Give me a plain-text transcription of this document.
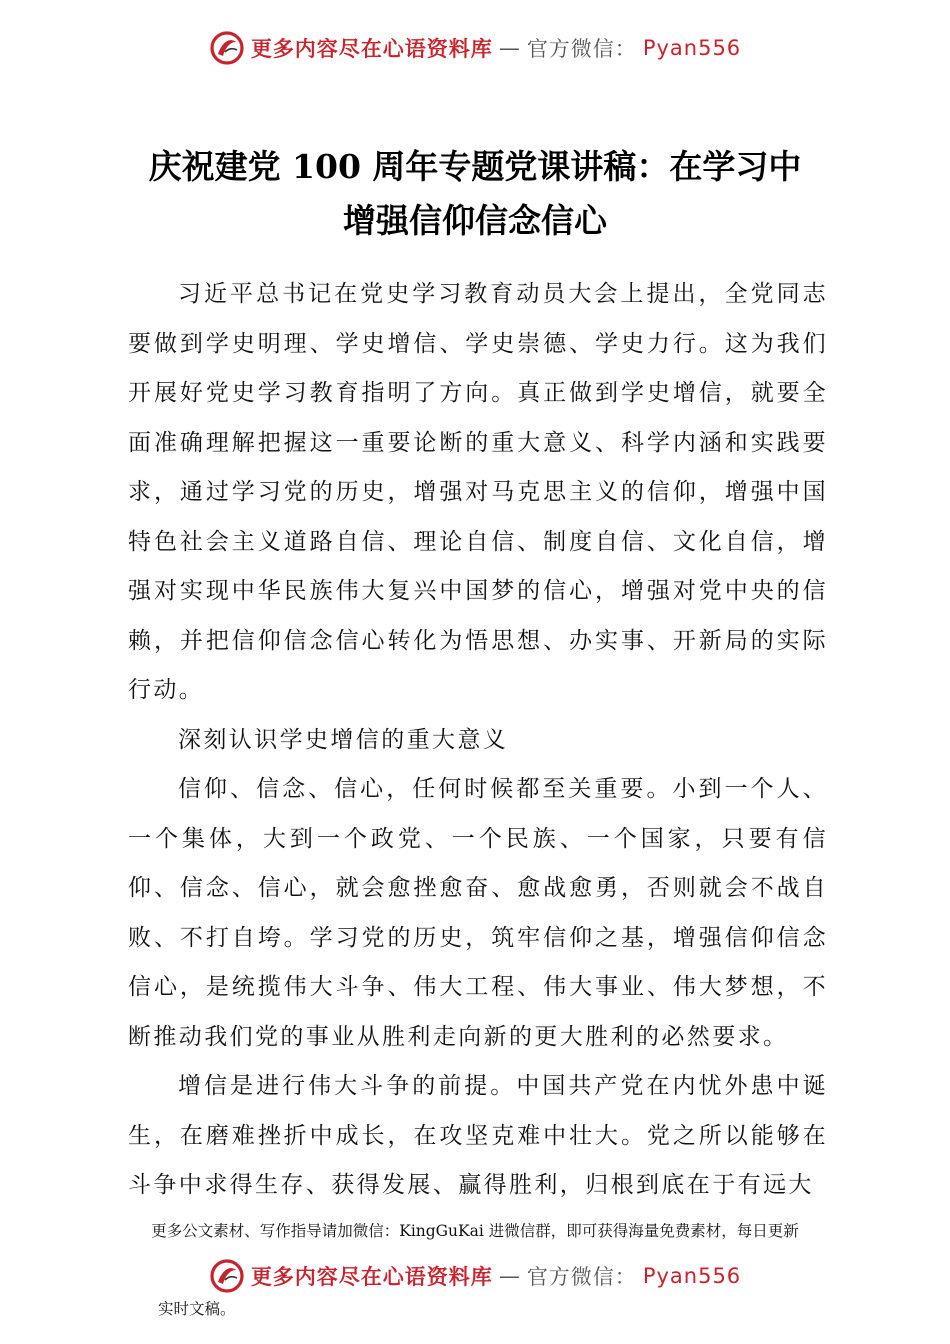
更多内容尽在心语资料库 — 官方微信： Pyan556
庆祝建党 100 周年专题党课讲稿：在学习中
增强信仰信念信心

习近平总书记在党史学习教育动员大会上提出，全党同志要做到学史明理、学史增信、学史崇德、学史力行。这为我们开展好党史学习教育指明了方向。真正做到学史增信，就要全面准确理解把握这一重要论断的重大意义、科学内涵和实践要求，通过学习党的历史，增强对马克思主义的信仰，增强中国特色社会主义道路自信、理论自信、制度自信、文化自信，增强对实现中华民族伟大复兴中国梦的信心，增强对党中央的信赖，并把信仰信念信心转化为悟思想、办实事、开新局的实际行动。

深刻认识学史增信的重大意义

信仰、信念、信心，任何时候都至关重要。小到一个人、一个集体，大到一个政党、一个民族、一个国家，只要有信仰、信念、信心，就会愈挫愈奋、愈战愈勇，否则就会不战自败、不打自垮。学习党的历史，筑牢信仰之基，增强信仰信念信心，是统揽伟大斗争、伟大工程、伟大事业、伟大梦想，不断推动我们党的事业从胜利走向新的更大胜利的必然要求。

增信是进行伟大斗争的前提。中国共产党在内忧外患中诞生，在磨难挫折中成长，在攻坚克难中壮大。党之所以能够在斗争中求得生存、获得发展、赢得胜利，归根到底在于有远大

更多公文素材、写作指导请加微信：KingGuKai 进微信群，即可获得海量免费素材，每日更新
更多内容尽在心语资料库 — 官方微信： Pyan556
实时文稿。
